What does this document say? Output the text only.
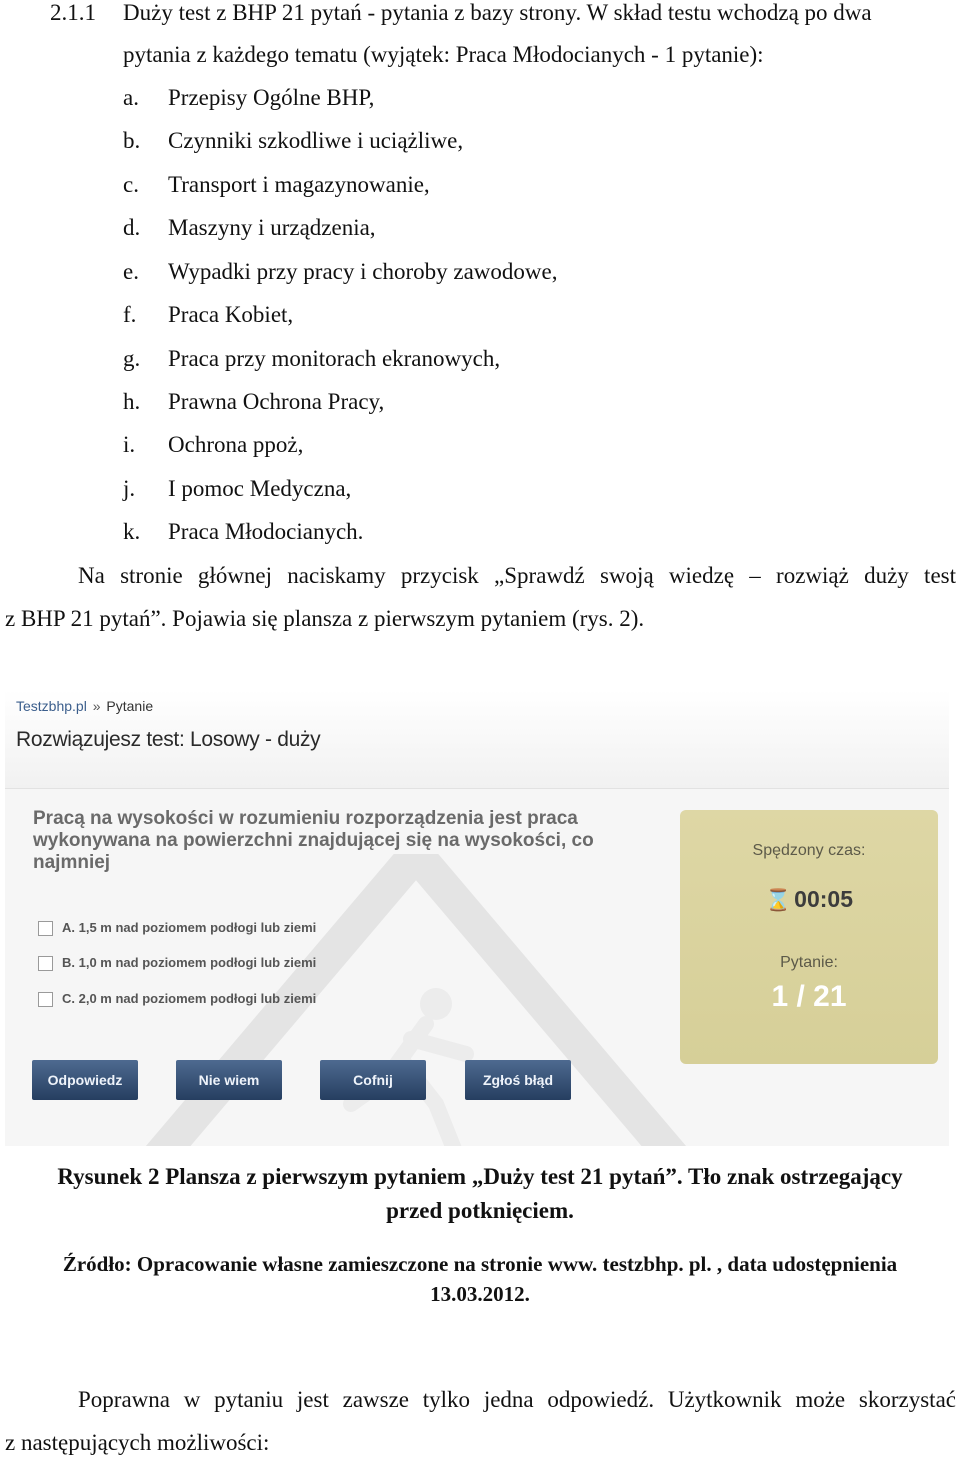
2.1.1 Duży test z BHP 21 pytań - pytania z bazy strony. W skład testu wchodzą po dwa
pytania z każdego tematu (wyjątek: Praca Młodocianych - 1 pytanie):
a. Przepisy Ogólne BHP,
b. Czynniki szkodliwe i uciążliwe,
c. Transport i magazynowanie,
d. Maszyny i urządzenia,
e. Wypadki przy pracy i choroby zawodowe,
f. Praca Kobiet,
g. Praca przy monitorach ekranowych,
h. Prawna Ochrona Pracy,
i. Ochrona ppoż,
j. I pomoc Medyczna,
k. Praca Młodocianych.
Na stronie głównej naciskamy przycisk „Sprawdź swoją wiedzę – rozwiąż duży test
z BHP 21 pytań”. Pojawia się plansza z pierwszym pytaniem (rys. 2).
Testzbhp.pl » Pytanie
Rozwiązujesz test: Losowy - duży
Pracą na wysokości w rozumieniu rozporządzenia jest praca wykonywana na powierzchni znajdującej się na wysokości, co najmniej
A. 1,5 m nad poziomem podłogi lub ziemi
B. 1,0 m nad poziomem podłogi lub ziemi
C. 2,0 m nad poziomem podłogi lub ziemi
Odpowiedz	Nie wiem	Cofnij	Zgłoś błąd
Spędzony czas:
⌛ 00:05
Pytanie:
1 / 21
Rysunek 2 Plansza z pierwszym pytaniem „Duży test 21 pytań”. Tło znak ostrzegający
przed potknięciem.
Źródło: Opracowanie własne zamieszczone na stronie www. testzbhp. pl. , data udostępnienia
13.03.2012.
Poprawna w pytaniu jest zawsze tylko jedna odpowiedź. Użytkownik może skorzystać
z następujących możliwości:
